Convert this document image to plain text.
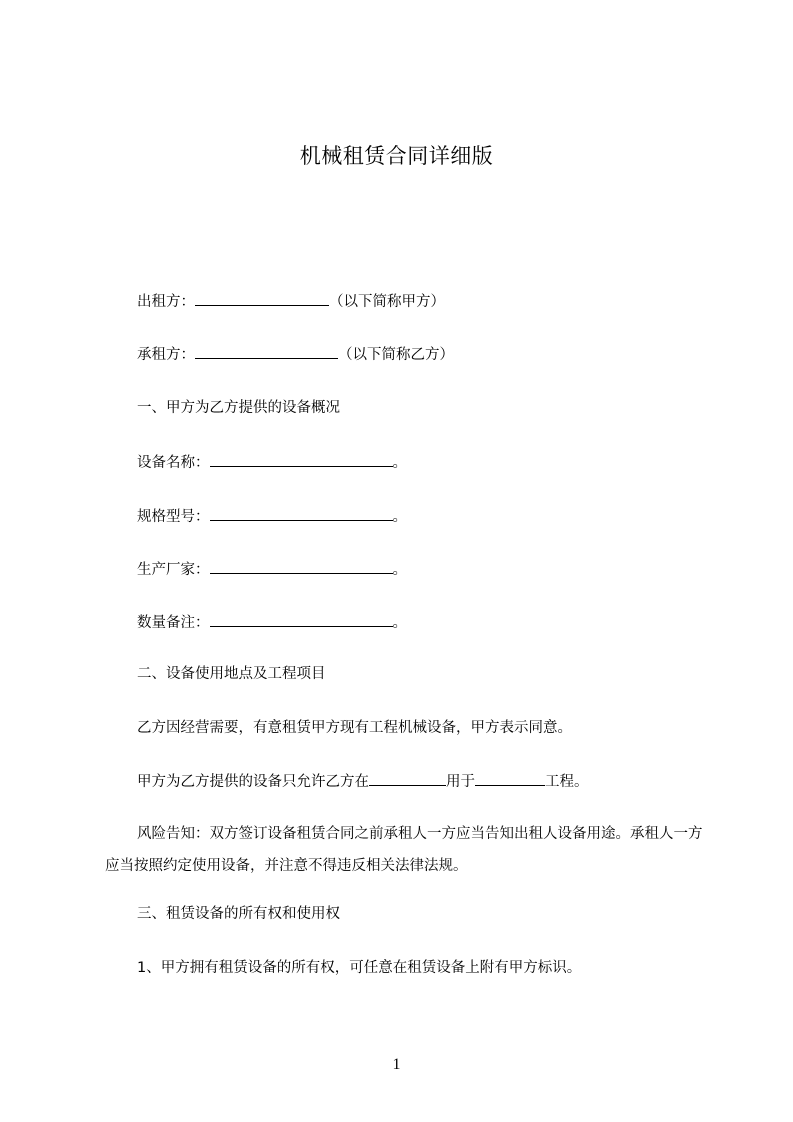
机械租赁合同详细版
出租方：	（以下简称甲方）
承租方：	（以下简称乙方）
一、甲方为乙方提供的设备概况
设备名称：	。
规格型号：	。
生产厂家：	。
数量备注：	。
二、设备使用地点及工程项目
乙方因经营需要，有意租赁甲方现有工程机械设备，甲方表示同意。
甲方为乙方提供的设备只允许乙方在	用于	工程。
风险告知：双方签订设备租赁合同之前承租人一方应当告知出租人设备用途。承租人一方应当按照约定使用设备，并注意不得违反相关法律法规。
三、租赁设备的所有权和使用权
1、甲方拥有租赁设备的所有权，可任意在租赁设备上附有甲方标识。
1
